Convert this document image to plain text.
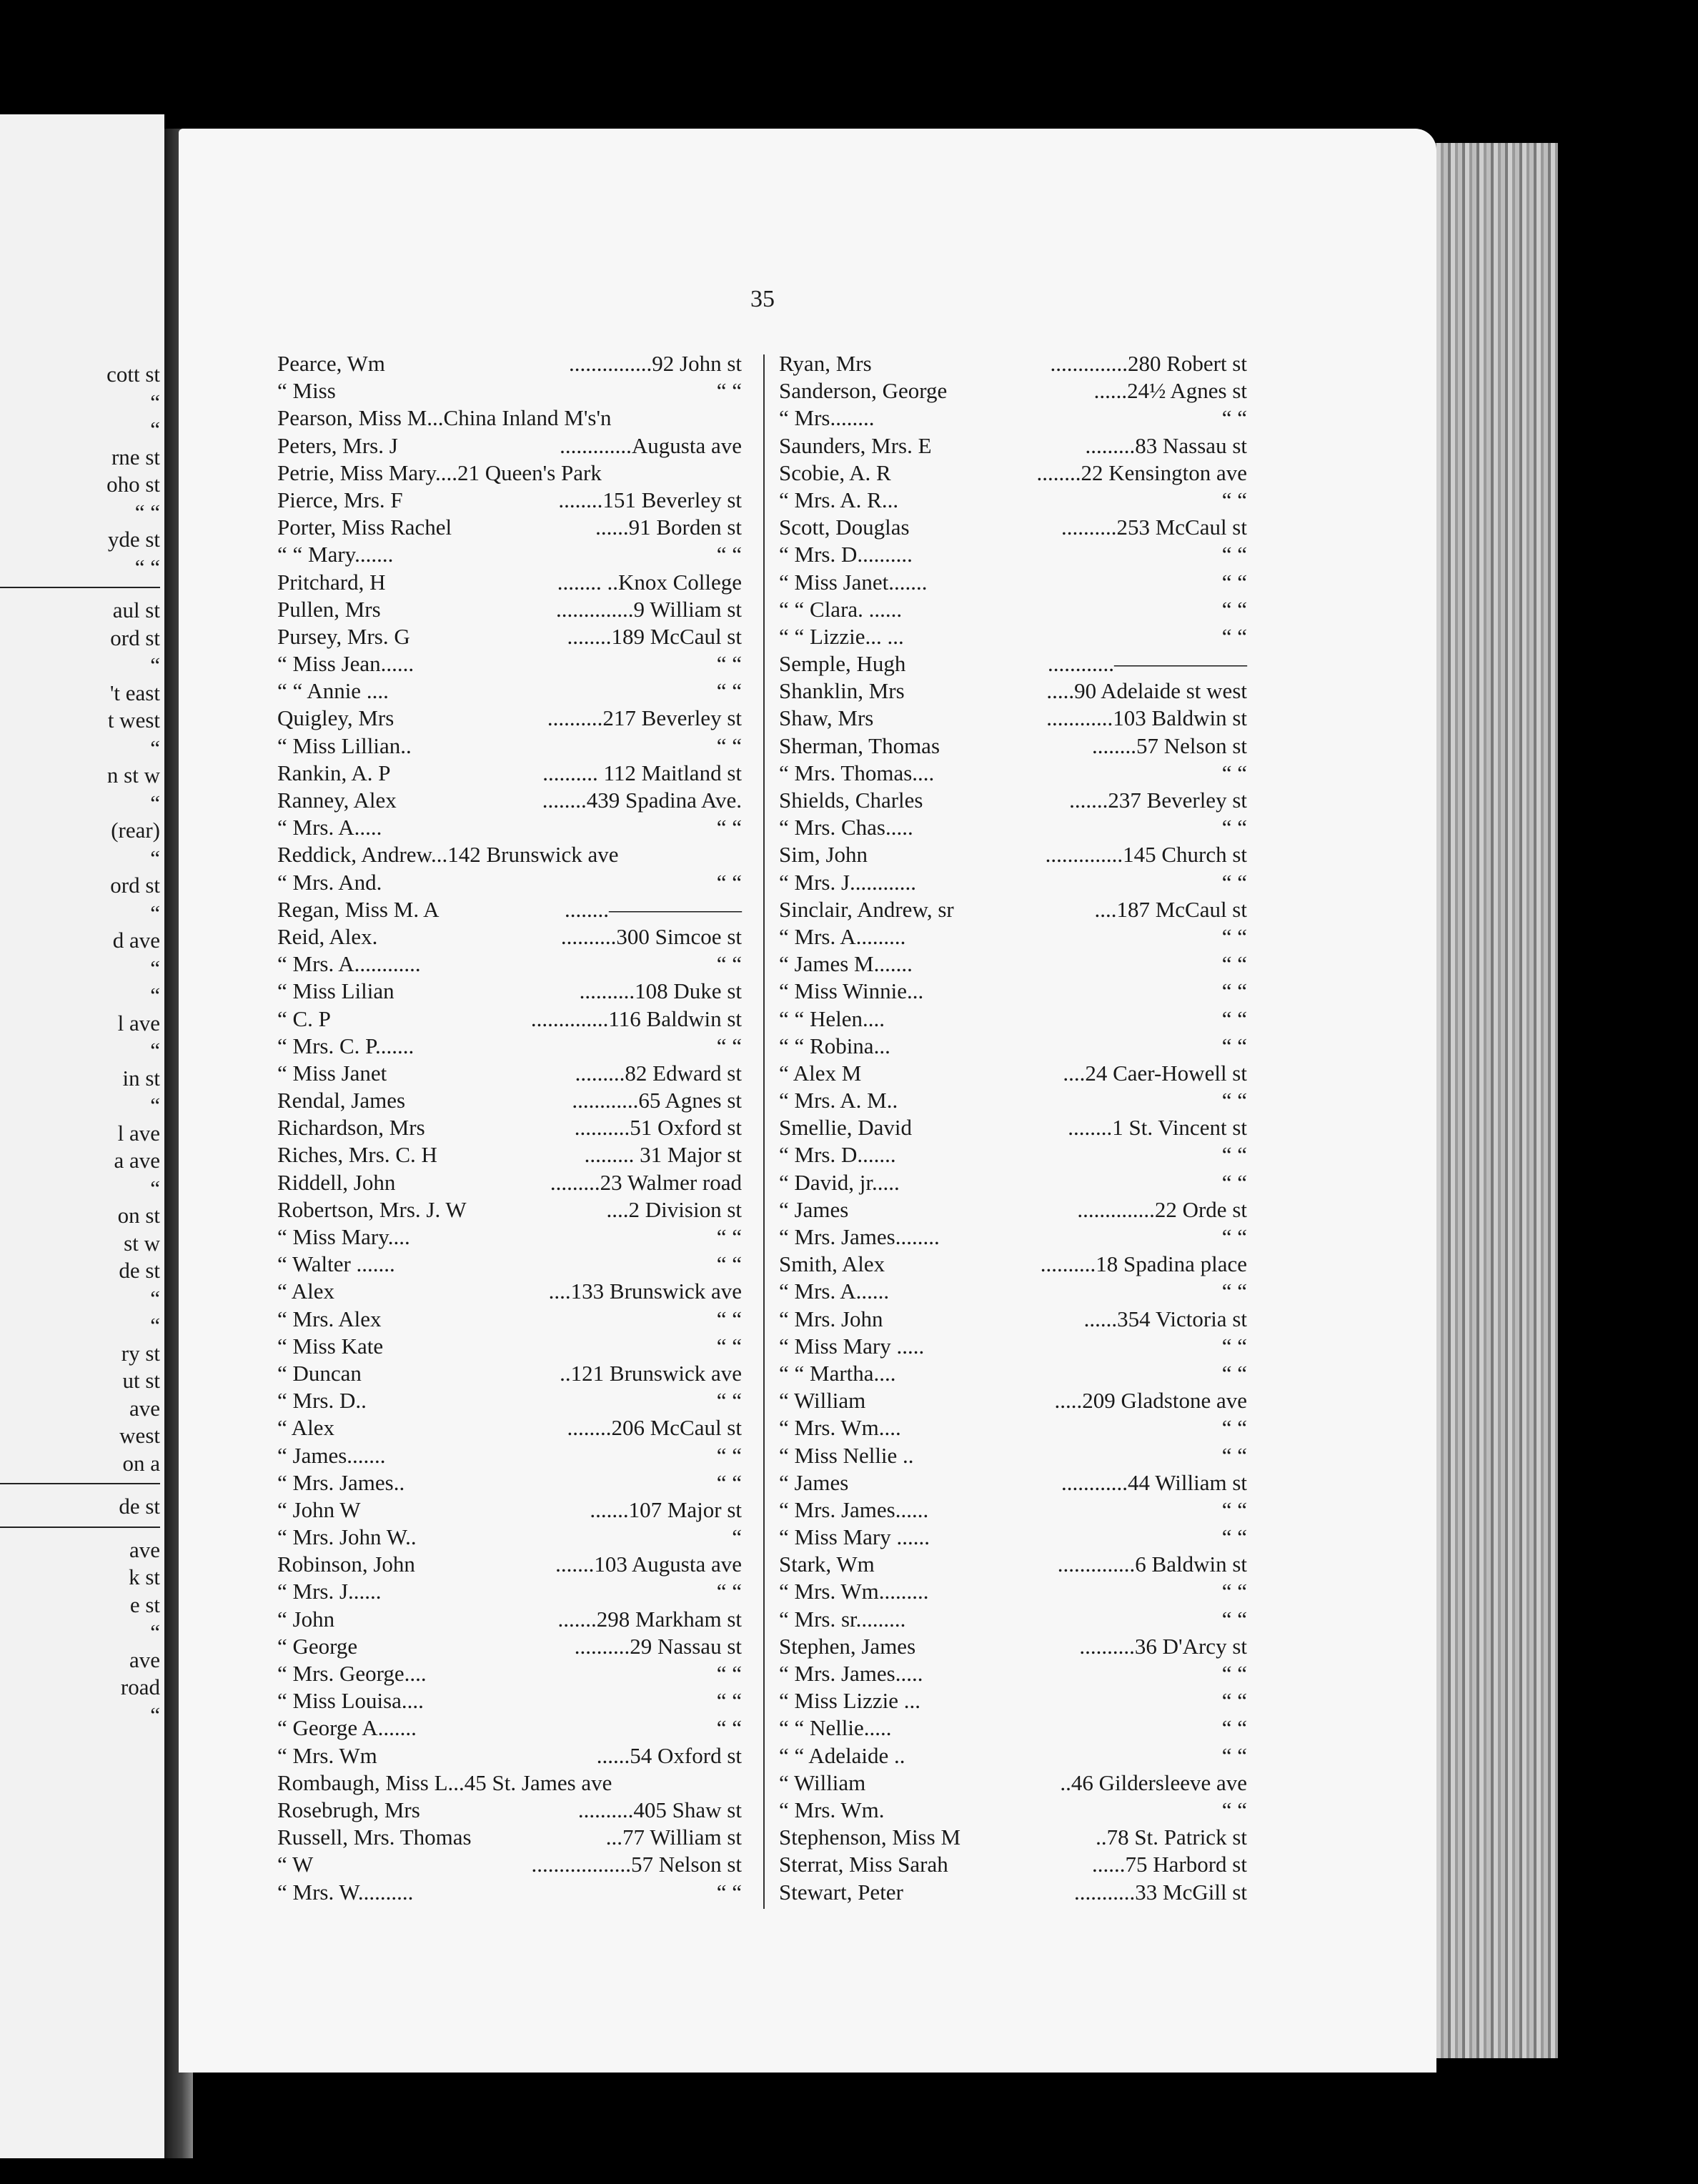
cott st
“
“
rne st
oho st
“ “
yde st
“ “
aul st
ord st
“
't east
t west
“
n st w
“
(rear)
“
ord st
“
d ave
“
“
l ave
“
in st
“
l ave
a ave
“
on st
st w
de st
“
“
ry st
ut st
ave
west
on a
de st
ave
k st
e st
“
ave
road
“
35
Pearce, Wm	...............92 John st
“ Miss	“ “
Pearson, Miss M...China Inland M's'n
Peters, Mrs. J	.............Augusta ave
Petrie, Miss Mary....21 Queen's Park
Pierce, Mrs. F	........151 Beverley st
Porter, Miss Rachel	......91 Borden st
“ “ Mary.......	“ “
Pritchard, H	........ ..Knox College
Pullen, Mrs	..............9 William st
Pursey, Mrs. G	........189 McCaul st
“ Miss Jean......	“ “
“ “ Annie ....	“ “
Quigley, Mrs	..........217 Beverley st
“ Miss Lillian..	“ “
Rankin, A. P	.......... 112 Maitland st
Ranney, Alex	........439 Spadina Ave.
“ Mrs. A.....	“ “
Reddick, Andrew...142 Brunswick ave
“ Mrs. And.	“ “
Regan, Miss M. A	........——————
Reid, Alex.	..........300 Simcoe st
“ Mrs. A............	“ “
“ Miss Lilian	..........108 Duke st
“ C. P	..............116 Baldwin st
“ Mrs. C. P.......	“ “
“ Miss Janet	.........82 Edward st
Rendal, James	............65 Agnes st
Richardson, Mrs	..........51 Oxford st
Riches, Mrs. C. H	......... 31 Major st
Riddell, John	.........23 Walmer road
Robertson, Mrs. J. W	....2 Division st
“ Miss Mary....	“ “
“ Walter .......	“ “
“ Alex	....133 Brunswick ave
“ Mrs. Alex	“ “
“ Miss Kate	“ “
“ Duncan	..121 Brunswick ave
“ Mrs. D..	“ “
“ Alex	........206 McCaul st
“ James.......	“ “
“ Mrs. James..	“ “
“ John W	.......107 Major st
“ Mrs. John W..	“
Robinson, John	.......103 Augusta ave
“ Mrs. J......	“ “
“ John	.......298 Markham st
“ George	..........29 Nassau st
“ Mrs. George....	“ “
“ Miss Louisa....	“ “
“ George A.......	“ “
“ Mrs. Wm	......54 Oxford st
Rombaugh, Miss L...45 St. James ave
Rosebrugh, Mrs	..........405 Shaw st
Russell, Mrs. Thomas	...77 William st
“ W	..................57 Nelson st
“ Mrs. W..........	“ “
Ryan, Mrs	..............280 Robert st
Sanderson, George	......24½ Agnes st
“ Mrs........	“ “
Saunders, Mrs. E	.........83 Nassau st
Scobie, A. R	........22 Kensington ave
“ Mrs. A. R...	“ “
Scott, Douglas	..........253 McCaul st
“ Mrs. D..........	“ “
“ Miss Janet.......	“ “
“ “ Clara. ......	“ “
“ “ Lizzie... ...	“ “
Semple, Hugh	............——————
Shanklin, Mrs	.....90 Adelaide st west
Shaw, Mrs	............103 Baldwin st
Sherman, Thomas	........57 Nelson st
“ Mrs. Thomas....	“ “
Shields, Charles	.......237 Beverley st
“ Mrs. Chas.....	“ “
Sim, John	..............145 Church st
“ Mrs. J............	“ “
Sinclair, Andrew, sr	....187 McCaul st
“ Mrs. A.........	“ “
“ James M.......	“ “
“ Miss Winnie...	“ “
“ “ Helen....	“ “
“ “ Robina...	“ “
“ Alex M	....24 Caer-Howell st
“ Mrs. A. M..	“ “
Smellie, David	........1 St. Vincent st
“ Mrs. D.......	“ “
“ David, jr.....	“ “
“ James	..............22 Orde st
“ Mrs. James........	“ “
Smith, Alex	..........18 Spadina place
“ Mrs. A......	“ “
“ Mrs. John	......354 Victoria st
“ Miss Mary .....	“ “
“ “ Martha....	“ “
“ William	.....209 Gladstone ave
“ Mrs. Wm....	“ “
“ Miss Nellie ..	“ “
“ James	............44 William st
“ Mrs. James......	“ “
“ Miss Mary ......	“ “
Stark, Wm	..............6 Baldwin st
“ Mrs. Wm.........	“ “
“ Mrs. sr.........	“ “
Stephen, James	..........36 D'Arcy st
“ Mrs. James.....	“ “
“ Miss Lizzie ...	“ “
“ “ Nellie.....	“ “
“ “ Adelaide ..	“ “
“ William	..46 Gildersleeve ave
“ Mrs. Wm.	“ “
Stephenson, Miss M	..78 St. Patrick st
Sterrat, Miss Sarah	......75 Harbord st
Stewart, Peter	...........33 McGill st
